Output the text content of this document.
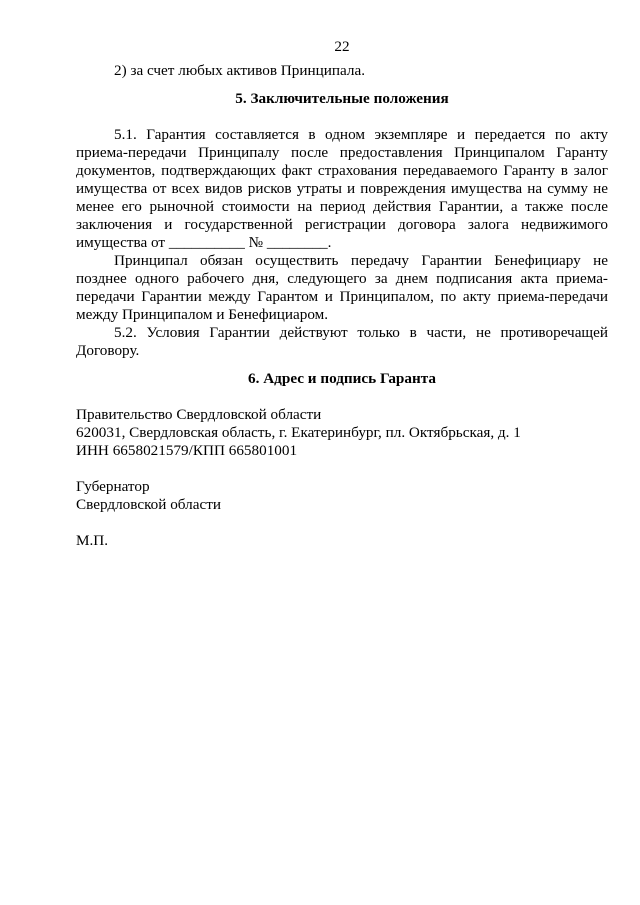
22

2) за счет любых активов Принципала.

5. Заключительные положения

5.1. Гарантия составляется в одном экземпляре и передается по акту приема-передачи Принципалу после предоставления Принципалом Гаранту документов, подтверждающих факт страхования передаваемого Гаранту в залог имущества от всех видов рисков утраты и повреждения имущества на сумму не менее его рыночной стоимости на период действия Гарантии, а также после заключения и государственной регистрации договора залога недвижимого имущества от __________ № ________.

Принципал обязан осуществить передачу Гарантии Бенефициару не позднее одного рабочего дня, следующего за днем подписания акта приема-передачи Гарантии между Гарантом и Принципалом, по акту приема-передачи между Принципалом и Бенефициаром.

5.2. Условия Гарантии действуют только в части, не противоречащей Договору.

6. Адрес и подпись Гаранта

Правительство Свердловской области

620031, Свердловская область, г. Екатеринбург, пл. Октябрьская, д. 1

ИНН 6658021579/КПП 665801001

Губернатор

Свердловской области

М.П.
